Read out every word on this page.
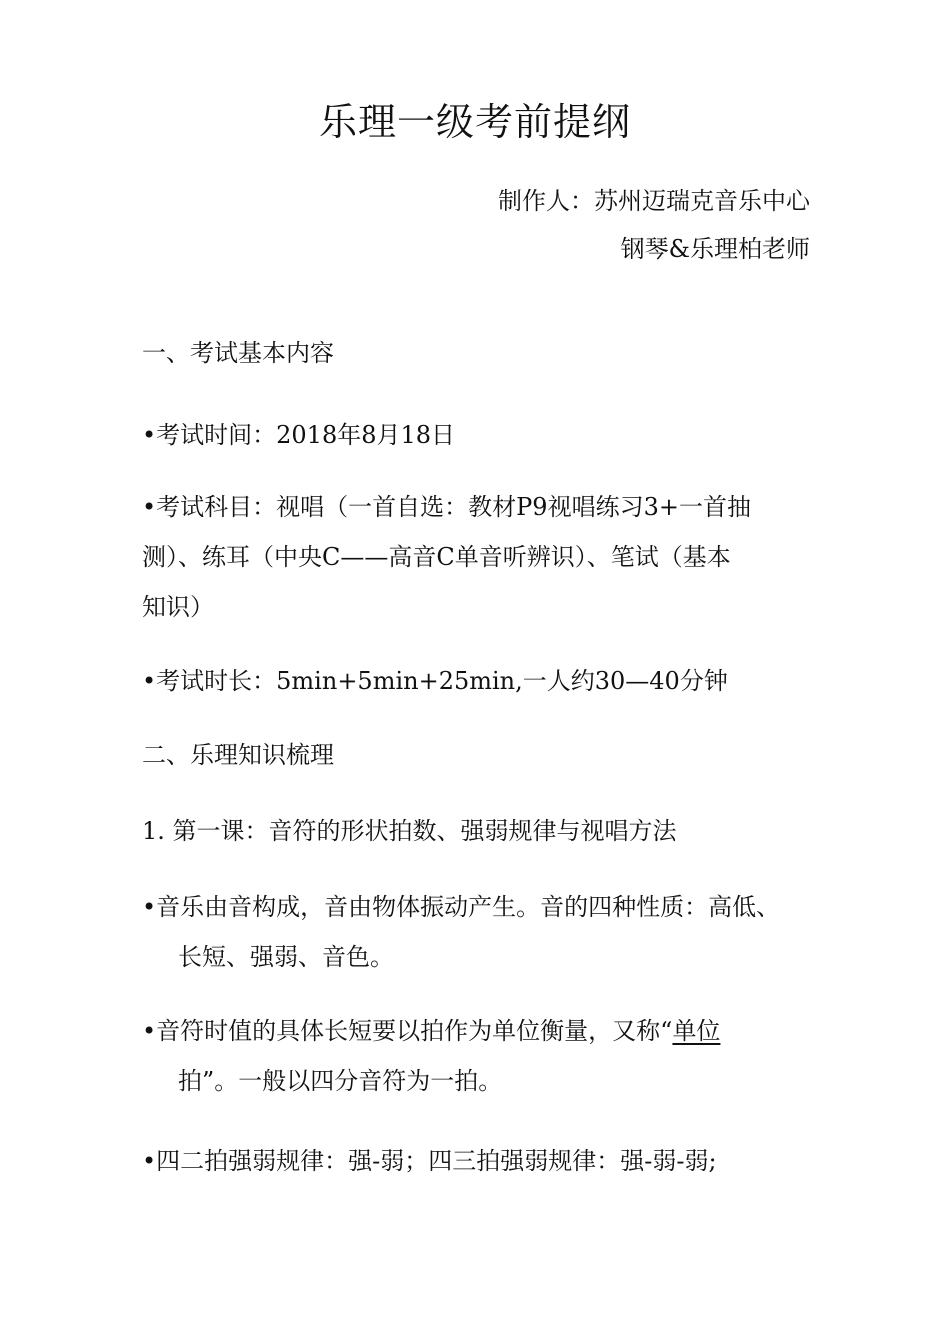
乐理一级考前提纲
制作人：苏州迈瑞克音乐中心
钢琴&乐理柏老师
一、考试基本内容
•考试时间：2018年8月18日
•考试科目：视唱（一首自选：教材P9视唱练习3+一首抽
测）、练耳（中央C——高音C单音听辨识）、笔试（基本
知识）
•考试时长：5min+5min+25min,一人约30—40分钟
二、乐理知识梳理
1. 第一课：音符的形状拍数、强弱规律与视唱方法
•音乐由音构成，音由物体振动产生。音的四种性质：高低、
长短、强弱、音色。
•音符时值的具体长短要以拍作为单位衡量，又称“单位
拍”。一般以四分音符为一拍。
•四二拍强弱规律：强-弱；四三拍强弱规律：强-弱-弱;
